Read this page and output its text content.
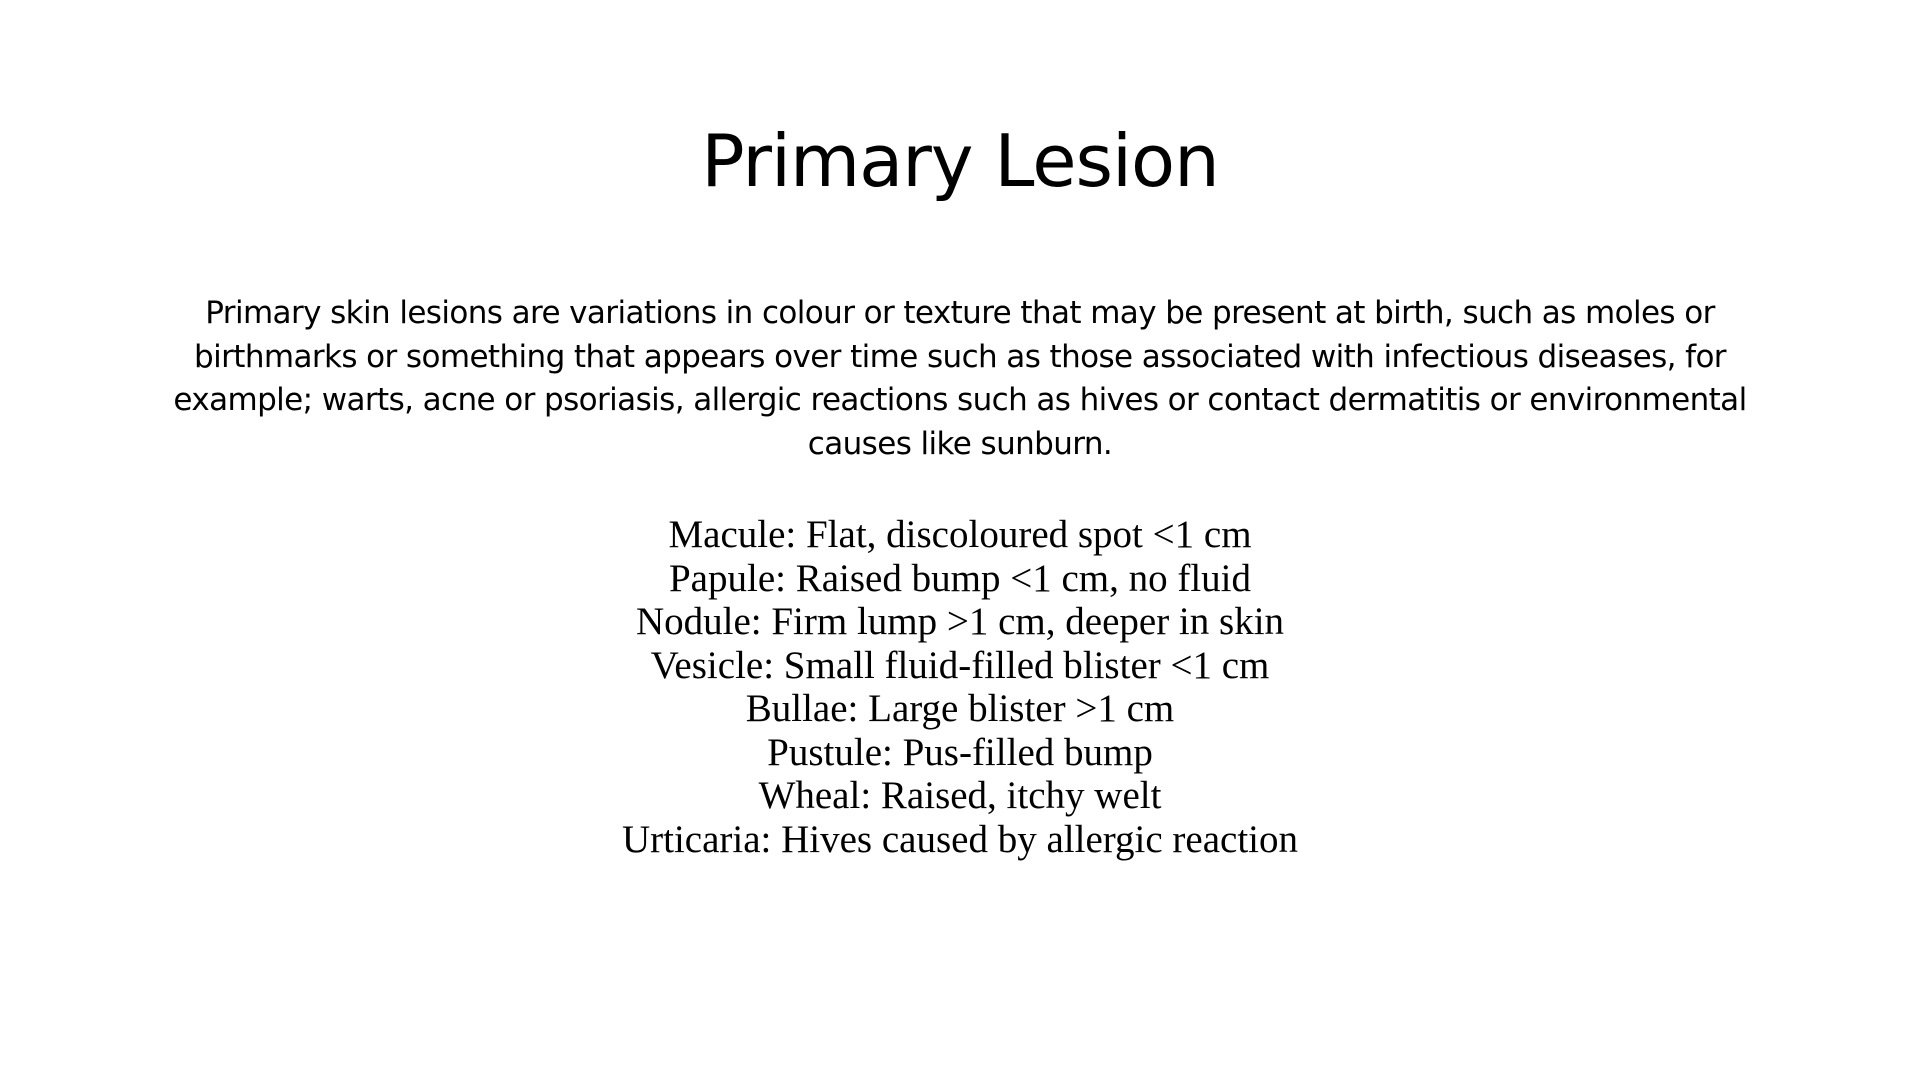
Primary Lesion

Primary skin lesions are variations in colour or texture that may be present at birth, such as moles or birthmarks or something that appears over time such as those associated with infectious diseases, for example; warts, acne or psoriasis, allergic reactions such as hives or contact dermatitis or environmental causes like sunburn.

Macule: Flat, discoloured spot <1 cm
Papule: Raised bump <1 cm, no fluid
Nodule: Firm lump >1 cm, deeper in skin
Vesicle: Small fluid-filled blister <1 cm
Bullae: Large blister >1 cm
Pustule: Pus-filled bump
Wheal: Raised, itchy welt
Urticaria: Hives caused by allergic reaction
